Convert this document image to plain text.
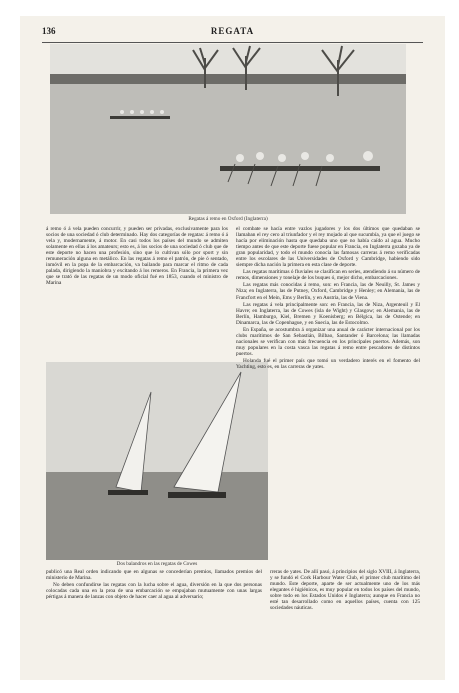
136	REGATA
Regatas á remo en Oxford (Inglaterra)

á remo ó á vela pueden concurrir, y pueden ser privadas, exclusivamente para los socios de una sociedad ó club determinado. Hay dos categorías de regatas: á remo ó á vela y, modernamente, á motor. En casi todos los países del mundo se admiten solamente en ellas á los amateurs; esto es, á los socios de una sociedad ó club que de este deporte no hacen una profesión, sino que lo cultivan sólo por sport y sin remuneración alguna en metálico. En las regatas á remo el patrón, de pie ó sentado, inmóvil en la popa de la embarcación, va bailando para marcar el ritmo de cada palada, dirigiendo la maniobra y excitando á los remeros. En Francia, la primera vez que se trató de las regatas de un modo oficial fué en 1853, cuando el ministro de Marina

Dos balandros en las regatas de Cowes

publicó una Real orden indicando que en algunas se concederían premios, llamados premios del ministerio de Marina.

No deben confundirse las regatas con la lucha sobre el agua, diversión en la que dos personas colocadas cada una en la proa de una embarcación se empujaban mutuamente con unas largas pértigas á manera de lanzas con objeto de hacer caer al agua al adversario;

el combate se hacía entre vazlos jugadores y los dos últimos que quedaban se llamaban el rey cero al triunfador y el rey mojado al que sucumbía, ya que el juego se hacía por eliminación hasta que quedaba uno que no había caído al agua. Mucho tiempo antes de que este deporte fuese popular en Francia, en Inglaterra gozaba ya de gran popularidad, y todo el mundo conocía las famosas carreras á remo verificadas entre los escolares de las Universidades de Oxford y Cambridge, habiendo sido siempre dicha nación la primera en esta clase de deporte.

Las regatas marítimas ó fluviales se clasifican en series, atendiendo á su número de remos, dimensiones y tonelaje de los buques ó, mejor dicho, embarcaciones.

Las regatas más conocidas á remo, son: en Francia, las de Neuilly, St. James y Niza; en Inglaterra, las de Putney, Oxford, Cambridge y Henley; en Alemania, las de Francfort en el Mein, Ems y Berlín, y en Austria, las de Viena.

Las regatas á vela principalmente son: en Francia, las de Niza, Argenteuil y El Havre; en Inglaterra, las de Cowes (isla de Wight) y Glasgow; en Alemania, las de Berlín, Hamburgo, Kiel, Bremen y Koenisberg; en Bélgica, las de Ostende; en Dinamarca, las de Copenhague, y en Suecia, las de Estocolmo.

En España, se acostumbra á organizar una anual de carácter internacional por los clubs marítimos de San Sebastián, Bilbao, Santander ó Barcelona; las llamadas nacionales se verifican con más frecuencia en los principales puertos. Además, son muy populares en la costa vasca las regatas á remo entre pescadores de distintos puertos.

Holanda fué el primer país que tomó un verdadero interés en el fomento del Yachting, esto es, en las carreras de yates.

rreras de yates. De allí pasó, á principios del siglo XVIII, á Inglaterra, y se fundó el Cork Harbour Water Club, el primer club marítimo del mundo. Este deporte, aparte de ser actualmente uno de los más elegantes é higiénicos, es muy popular en todos los países del mundo, sobre todo en los Estados Unidos é Inglaterra; aunque en Francia no esté tan desarrollado como en aquellos países, cuenta con 125 sociedades náuticas.
